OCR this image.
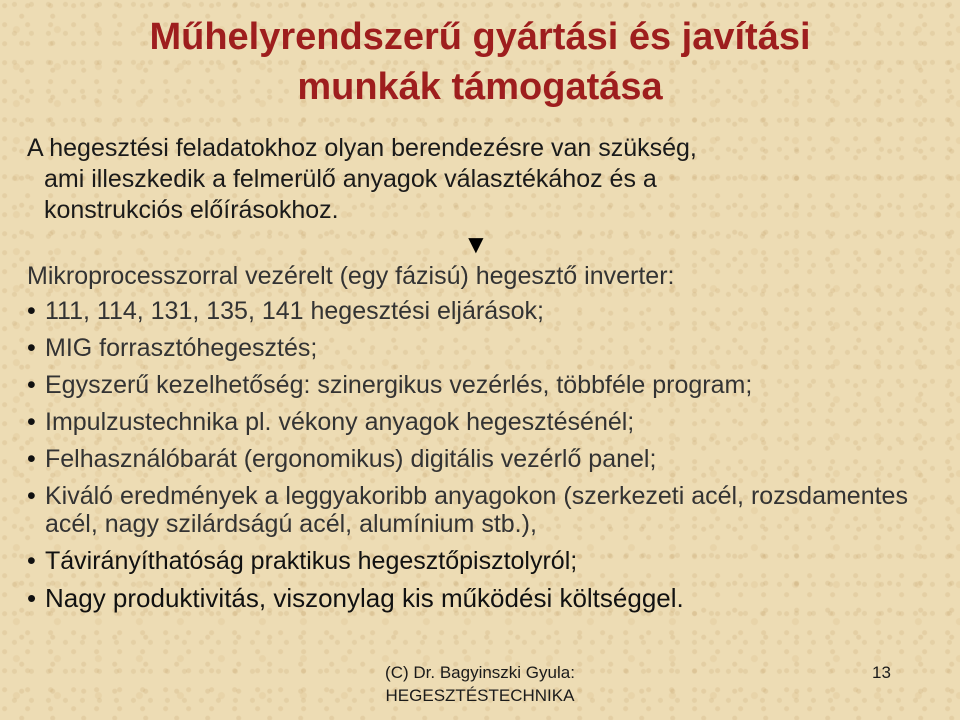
Műhelyrendszerű gyártási és javítási
munkák támogatása

A hegesztési feladatokhoz olyan berendezésre van szükség,
ami illeszkedik a felmerülő anyagok választékához és a
konstrukciós előírásokhoz.

▼

Mikroprocesszorral vezérelt (egy fázisú) hegesztő inverter:

• 111, 114, 131, 135, 141 hegesztési eljárások;
• MIG forrasztóhegesztés;
• Egyszerű kezelhetőség: szinergikus vezérlés, többféle program;
• Impulzustechnika pl. vékony anyagok hegesztésénél;
• Felhasználóbarát (ergonomikus) digitális vezérlő panel;
• Kiváló eredmények a leggyakoribb anyagokon (szerkezeti acél, rozsdamentes acél, nagy szilárdságú acél, alumínium stb.),
• Távirányíthatóság praktikus hegesztőpisztolyról;
• Nagy produktivitás, viszonylag kis működési költséggel.
(C) Dr. Bagyinszki Gyula:
HEGESZTÉSTECHNIKA
13
